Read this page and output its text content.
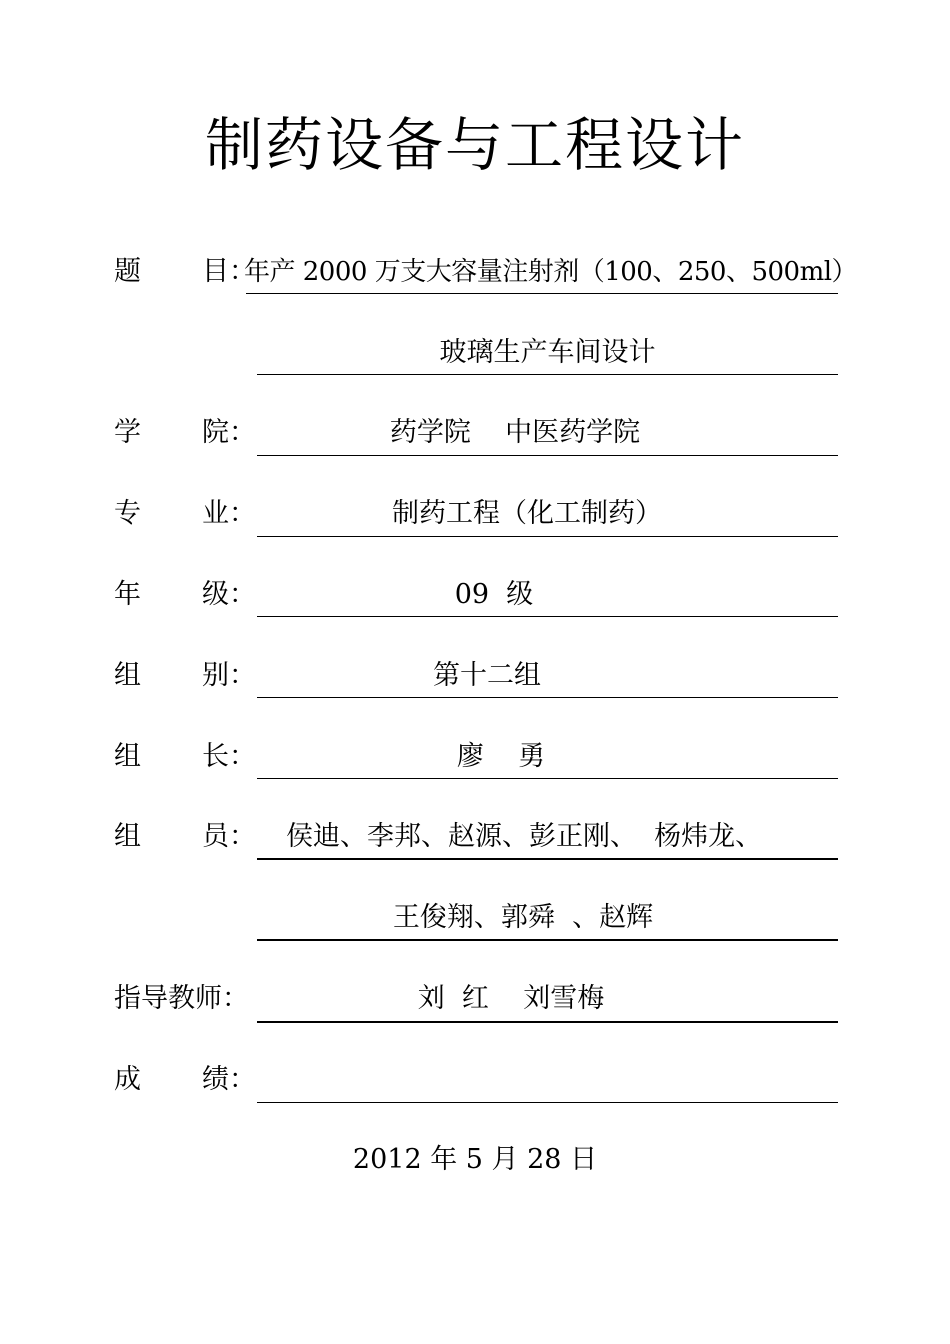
制药设备与工程设计
题 目：
年产 2000 万支大容量注射剂（100、250、500ml）
玻璃生产车间设计
学 院：	药学院    中医药学院
专 业：	制药工程（化工制药）
年 级：	09  级
组 别：	第十二组
组 长：	廖    勇
组 员： 侯迪、李邦、赵源、彭正刚、  杨炜龙、
王俊翔、郭舜  、赵辉
指导教师：	刘  红    刘雪梅
成 绩：
2012 年 5 月 28 日
